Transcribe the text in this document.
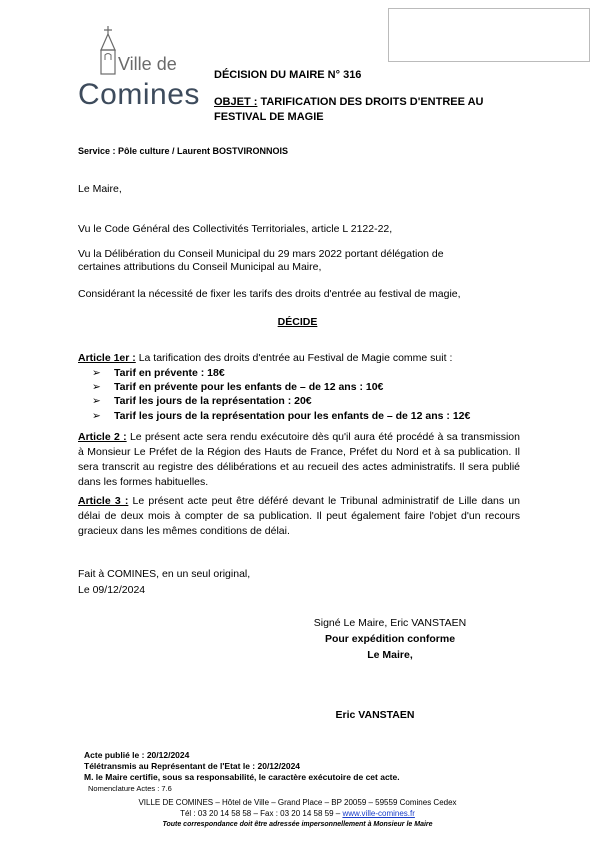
Ville de
Comines
DÉCISION DU MAIRE N° 316
OBJET : TARIFICATION DES DROITS D'ENTREE AU FESTIVAL DE MAGIE
Service : Pôle culture / Laurent BOSTVIRONNOIS
Le Maire,
Vu le Code Général des Collectivités Territoriales, article L 2122-22,
Vu la Délibération du Conseil Municipal du 29 mars 2022 portant délégation de certaines attributions du Conseil Municipal au Maire,
Considérant la nécessité de fixer les tarifs des droits d'entrée au festival de magie,
DÉCIDE
Article 1er : La tarification des droits d'entrée au Festival de Magie comme suit :
➢ Tarif en prévente : 18€
➢ Tarif en prévente pour les enfants de – de 12 ans : 10€
➢ Tarif les jours de la représentation : 20€
➢ Tarif les jours de la représentation pour les enfants de – de 12 ans : 12€
Article 2 : Le présent acte sera rendu exécutoire dès qu'il aura été procédé à sa transmission à Monsieur Le Préfet de la Région des Hauts de France, Préfet du Nord et à sa publication. Il sera transcrit au registre des délibérations et au recueil des actes administratifs. Il sera publié dans les formes habituelles.
Article 3 : Le présent acte peut être déféré devant le Tribunal administratif de Lille dans un délai de deux mois à compter de sa publication. Il peut également faire l'objet d'un recours gracieux dans les mêmes conditions de délai.
Fait à COMINES, en un seul original,
Le 09/12/2024
Signé Le Maire, Eric VANSTAEN
Pour expédition conforme
Le Maire,
Eric VANSTAEN
Acte publié le : 20/12/2024
Télétransmis au Représentant de l'Etat le : 20/12/2024
M. le Maire certifie, sous sa responsabilité, le caractère exécutoire de cet acte.
Nomenclature Actes : 7.6
VILLE DE COMINES – Hôtel de Ville – Grand Place – BP 20059 – 59559 Comines Cedex
Tél : 03 20 14 58 58 – Fax : 03 20 14 58 59 – www.ville-comines.fr
Toute correspondance doit être adressée impersonnellement à Monsieur le Maire
